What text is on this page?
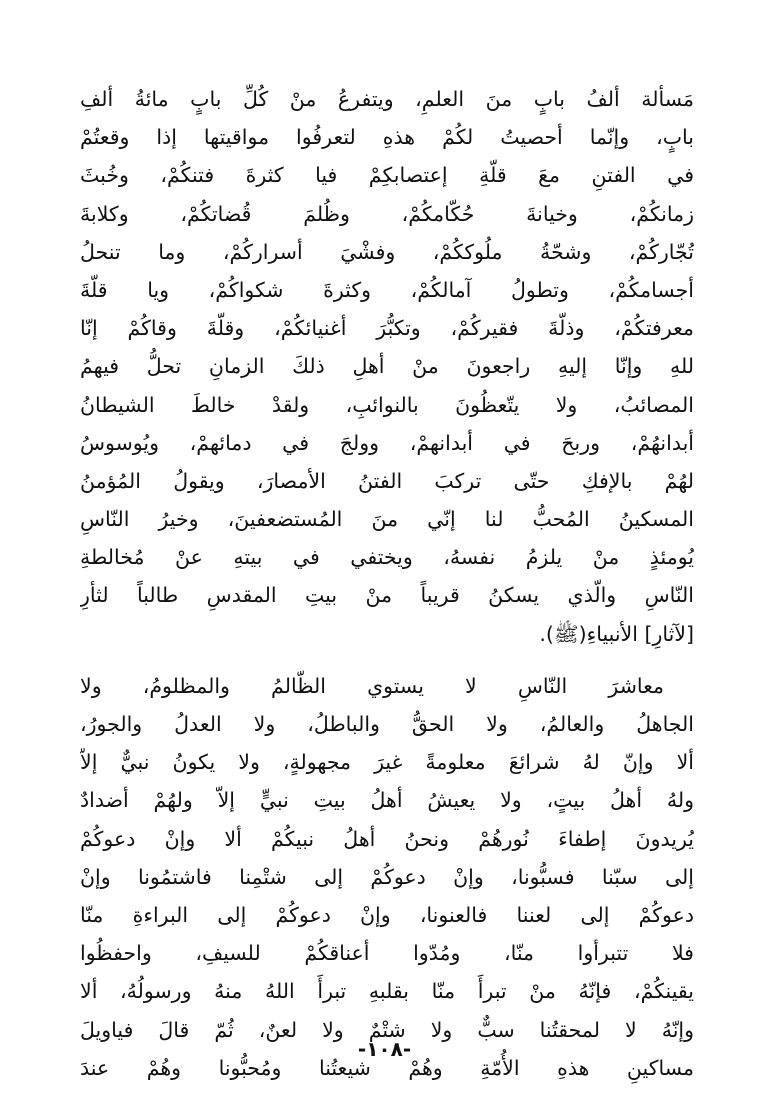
مَسألة ألفُ بابٍ منَ العلمِ، ويتفرعُ منْ كُلِّ بابٍ مائةُ ألفِ
بابٍ، وإنّما أحصيتُ لكُمْ هذهِ لتعرفُوا مواقيتها إذا وقعتُمْ
في الفتنِ معَ قلّةِ إعتصابكِمْ فيا كثرةَ فتنكُمْ، وخُبثَ
زمانكُمْ، وخيانةَ حُكّامكُمْ، وظُلمَ قُضاتكُمْ، وكلابةَ
تُجّاركُمْ، وشحّةُ ملُوككُمْ، وفشْيَ أسراركُمْ، وما تنحلُ
أجسامكُمْ، وتطولُ آمالكُمْ، وكثرةَ شكواكُمْ، ويا قلّةَ
معرفتكُمْ، وذلّةَ فقيركُمْ، وتكبُّرَ أغنيائكُمْ، وقلّةَ وقاكُمْ إنّا
للهِ وإنّا إليهِ راجعونَ منْ أهلِ ذلكَ الزمانِ تحلُّ فيهمُ
المصائبُ، ولا يتّعظُونَ بالنوائبِ، ولقدْ خالطَ الشيطانُ
أبدانهُمْ، وربحَ في أبدانهمْ، وولجَ في دمائهمْ، ويُوسوسُ
لهُمْ بالإفكِ حتّى تركبَ الفتنُ الأمصارَ، ويقولُ المُؤمنُ
المسكينُ المُحبُّ لنا إنّي منَ المُستضعفينَ، وخيرُ النّاسِ
يُومئذٍ منْ يلزمُ نفسهُ، ويختفي في بيتهِ عنْ مُخالطةِ
النّاسِ والّذي يسكنُ قريباً منْ بيتِ المقدسِ طالباً لثأرِ
[لآثارِ] الأنبياءِ(ﷺ).
معاشرَ النّاسِ لا يستوي الظّالمُ والمظلومُ، ولا
الجاهلُ والعالمُ، ولا الحقُّ والباطلُ، ولا العدلُ والجورُ،
ألا وإنّ لهُ شرائعَ معلومةً غيرَ مجهولةٍ، ولا يكونُ نبيٌّ إلاّ
ولهُ أهلُ بيتٍ، ولا يعيشُ أهلُ بيتِ نبيٍّ إلاّ ولهُمْ أضدادٌ
يُريدونَ إطفاءَ نُورهُمْ ونحنُ أهلُ نبيكُمْ ألا وإنْ دعوكُمْ
إلى سبّنا فسبُّونا، وإنْ دعوكُمْ إلى شتْمِنا فاشتمُونا وإنْ
دعوكُمْ إلى لعننا فالعنونا، وإنْ دعوكُمْ إلى البراءةِ منّا
فلا تتبرأوا منّا، ومُدّوا أعناقكُمْ للسيفِ، واحفظُوا
يقينكُمْ، فإنّهُ منْ تبرأَ منّا بقلبهِ تبرأَ اللهُ منهُ ورسولُهُ، ألا
وإنّهُ لا لمحقتُنا سبٌّ ولا شتْمٌ ولا لعنٌ، ثُمّ قالَ فياويلَ
مساكينِ هذهِ الأُمّةِ وهُمْ شيعتُنا ومُحبُّونا وهُمْ عندَ
-١٠٨-
